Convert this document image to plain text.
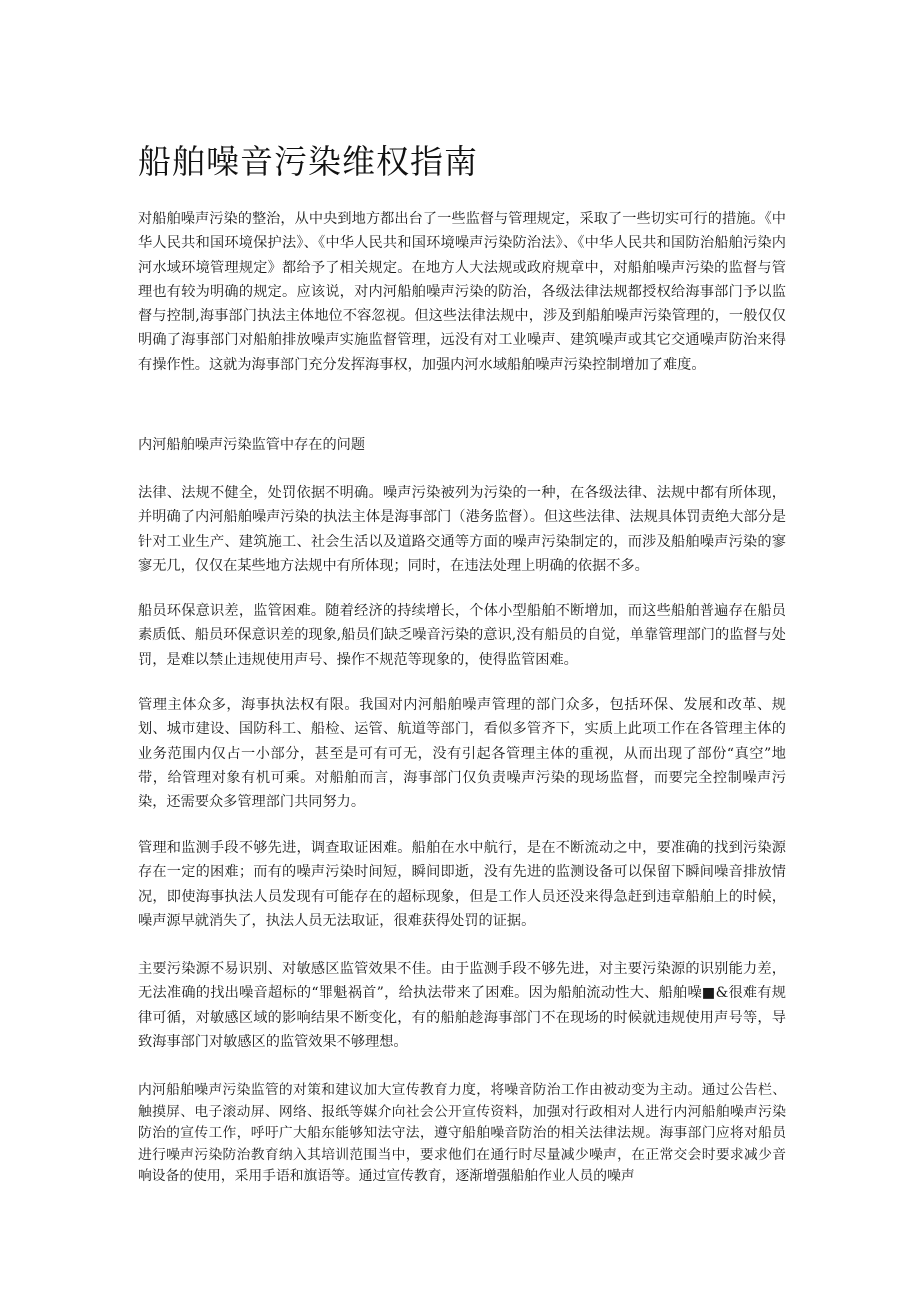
船舶噪音污染维权指南

对船舶噪声污染的整治，从中央到地方都出台了一些监督与管理规定，采取了一些切实可行的措施。《中华人民共和国环境保护法》、《中华人民共和国环境噪声污染防治法》、《中华人民共和国防治船舶污染内河水域环境管理规定》都给予了相关规定。在地方人大法规或政府规章中，对船舶噪声污染的监督与管理也有较为明确的规定。应该说，对内河船舶噪声污染的防治，各级法律法规都授权给海事部门予以监督与控制,海事部门执法主体地位不容忽视。但这些法律法规中，涉及到船舶噪声污染管理的，一般仅仅明确了海事部门对船舶排放噪声实施监督管理，远没有对工业噪声、建筑噪声或其它交通噪声防治来得有操作性。这就为海事部门充分发挥海事权，加强内河水域船舶噪声污染控制增加了难度。

内河船舶噪声污染监管中存在的问题

法律、法规不健全，处罚依据不明确。噪声污染被列为污染的一种，在各级法律、法规中都有所体现，并明确了内河船舶噪声污染的执法主体是海事部门（港务监督）。但这些法律、法规具体罚责绝大部分是针对工业生产、建筑施工、社会生活以及道路交通等方面的噪声污染制定的，而涉及船舶噪声污染的寥寥无几，仅仅在某些地方法规中有所体现；同时，在违法处理上明确的依据不多。

船员环保意识差，监管困难。随着经济的持续增长，个体小型船舶不断增加，而这些船舶普遍存在船员素质低、船员环保意识差的现象,船员们缺乏噪音污染的意识,没有船员的自觉，单靠管理部门的监督与处罚，是难以禁止违规使用声号、操作不规范等现象的，使得监管困难。

管理主体众多，海事执法权有限。我国对内河船舶噪声管理的部门众多，包括环保、发展和改革、规划、城市建设、国防科工、船检、运管、航道等部门，看似多管齐下，实质上此项工作在各管理主体的业务范围内仅占一小部分，甚至是可有可无，没有引起各管理主体的重视，从而出现了部份“真空”地带，给管理对象有机可乘。对船舶而言，海事部门仅负责噪声污染的现场监督，而要完全控制噪声污染，还需要众多管理部门共同努力。

管理和监测手段不够先进，调查取证困难。船舶在水中航行，是在不断流动之中，要准确的找到污染源存在一定的困难；而有的噪声污染时间短，瞬间即逝，没有先进的监测设备可以保留下瞬间噪音排放情况，即使海事执法人员发现有可能存在的超标现象，但是工作人员还没来得急赶到违章船舶上的时候，噪声源早就消失了，执法人员无法取证，很难获得处罚的证据。

主要污染源不易识别、对敏感区监管效果不佳。由于监测手段不够先进，对主要污染源的识别能力差，无法准确的找出噪音超标的“罪魁祸首”，给执法带来了困难。因为船舶流动性大、船舶噪■&很难有规律可循，对敏感区域的影响结果不断变化，有的船舶趁海事部门不在现场的时候就违规使用声号等，导致海事部门对敏感区的监管效果不够理想。

内河船舶噪声污染监管的对策和建议加大宣传教育力度，将噪音防治工作由被动变为主动。通过公告栏、触摸屏、电子滚动屏、网络、报纸等媒介向社会公开宣传资料，加强对行政相对人进行内河船舶噪声污染防治的宣传工作，呼吁广大船东能够知法守法，遵守船舶噪音防治的相关法律法规。海事部门应将对船员进行噪声污染防治教育纳入其培训范围当中，要求他们在通行时尽量减少噪声，在正常交会时要求减少音响设备的使用，采用手语和旗语等。通过宣传教育，逐渐增强船舶作业人员的噪声
